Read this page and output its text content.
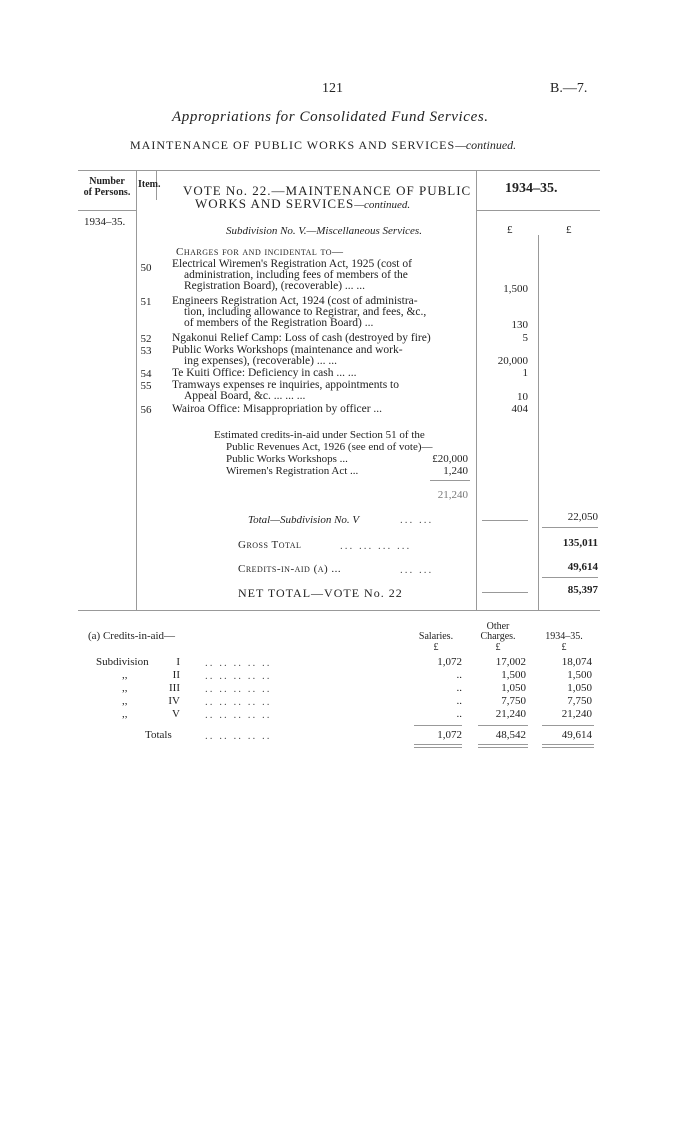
121	B.—7.
Appropriations for Consolidated Fund Services.
MAINTENANCE OF PUBLIC WORKS AND SERVICES—continued.
Number
of Persons.
Item.	1934–35.
1934–35.
£	£
VOTE No. 22.—MAINTENANCE OF PUBLIC
WORKS AND SERVICES—continued.
Subdivision No. V.—Miscellaneous Services.
Charges for and incidental to—
50	Electrical Wiremen's Registration Act, 1925 (cost of
administration, including fees of members of the
Registration Board), (recoverable) ... ...	1,500
51	Engineers Registration Act, 1924 (cost of administra-
tion, including allowance to Registrar, and fees, &c.,
of members of the Registration Board) ...	130
52	Ngakonui Relief Camp: Loss of cash (destroyed by fire)	5
53	Public Works Workshops (maintenance and work-
ing expenses), (recoverable) ... ...	20,000
54	Te Kuiti Office: Deficiency in cash ... ...	1
55	Tramways expenses re inquiries, appointments to
Appeal Board, &c. ... ... ...	10
56	Wairoa Office: Misappropriation by officer ...	404
Estimated credits-in-aid under Section 51 of the
Public Revenues Act, 1926 (see end of vote)—
Public Works Workshops ...	£20,000
Wiremen's Registration Act ...	1,240
21,240
Total—Subdivision No. V	... ...	22,050
Gross Total	... ... ... ...	135,011
Credits-in-aid (a) ...	... ...	49,614
NET TOTAL—VOTE No. 22	85,397
Other
(a) Credits-in-aid—	Salaries.	Charges.	1934–35.
£	£	£
Subdivision	I	1,072	17,002	18,074
.. .. .. .. ..
,,	II	..	1,500	1,500
.. .. .. .. ..
,,	III	..	1,050	1,050
.. .. .. .. ..
,,	IV	..	7,750	7,750
.. .. .. .. ..
,,	V	..	21,240	21,240
.. .. .. .. ..
Totals	.. .. .. .. ..	1,072	48,542	49,614
